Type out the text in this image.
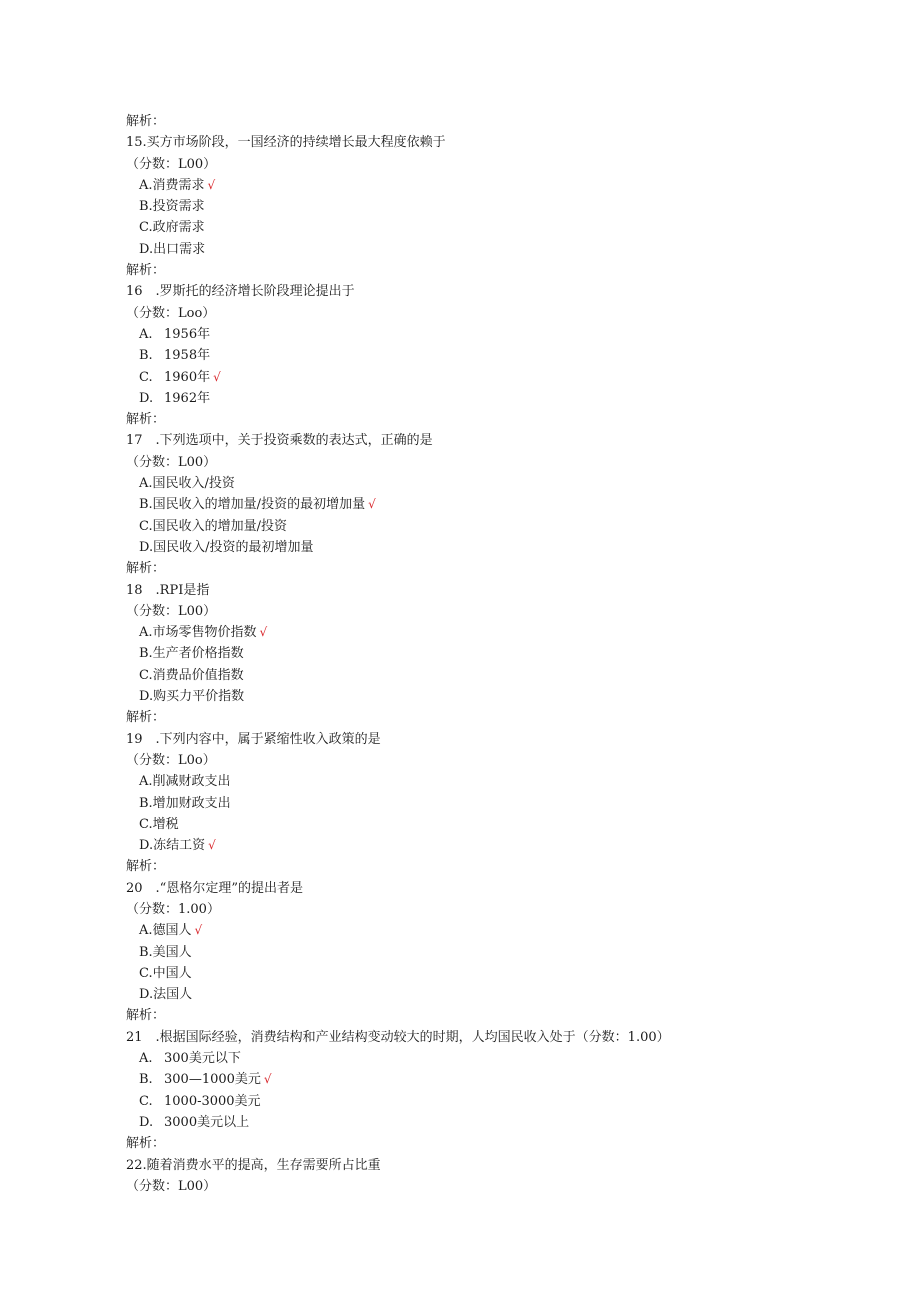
解析：
15.买方市场阶段，一国经济的持续增长最大程度依赖于
（分数：L00）
A.消费需求 √
B.投资需求
C.政府需求
D.出口需求
解析：
16　.罗斯托的经济增长阶段理论提出于
（分数：Loo）
A. 1956年
B. 1958年
C. 1960年 √
D. 1962年
解析：
17　.下列选项中，关于投资乘数的表达式，正确的是
（分数：L00）
A.国民收入/投资
B.国民收入的增加量/投资的最初增加量 √
C.国民收入的增加量/投资
D.国民收入/投资的最初增加量
解析：
18　.RPI是指
（分数：L00）
A.市场零售物价指数 √
B.生产者价格指数
C.消费品价值指数
D.购买力平价指数
解析：
19　.下列内容中，属于紧缩性收入政策的是
（分数：L0o）
A.削减财政支出
B.增加财政支出
C.增税
D.冻结工资 √
解析：
20　.“恩格尔定理”的提出者是
（分数：1.00）
A.德国人 √
B.美国人
C.中国人
D.法国人
解析：
21　.根据国际经验，消费结构和产业结构变动较大的时期，人均国民收入处于（分数：1.00）
A. 300美元以下
B. 300—1000美元 √
C. 1000-3000美元
D. 3000美元以上
解析：
22.随着消费水平的提高，生存需要所占比重
（分数：L00）
